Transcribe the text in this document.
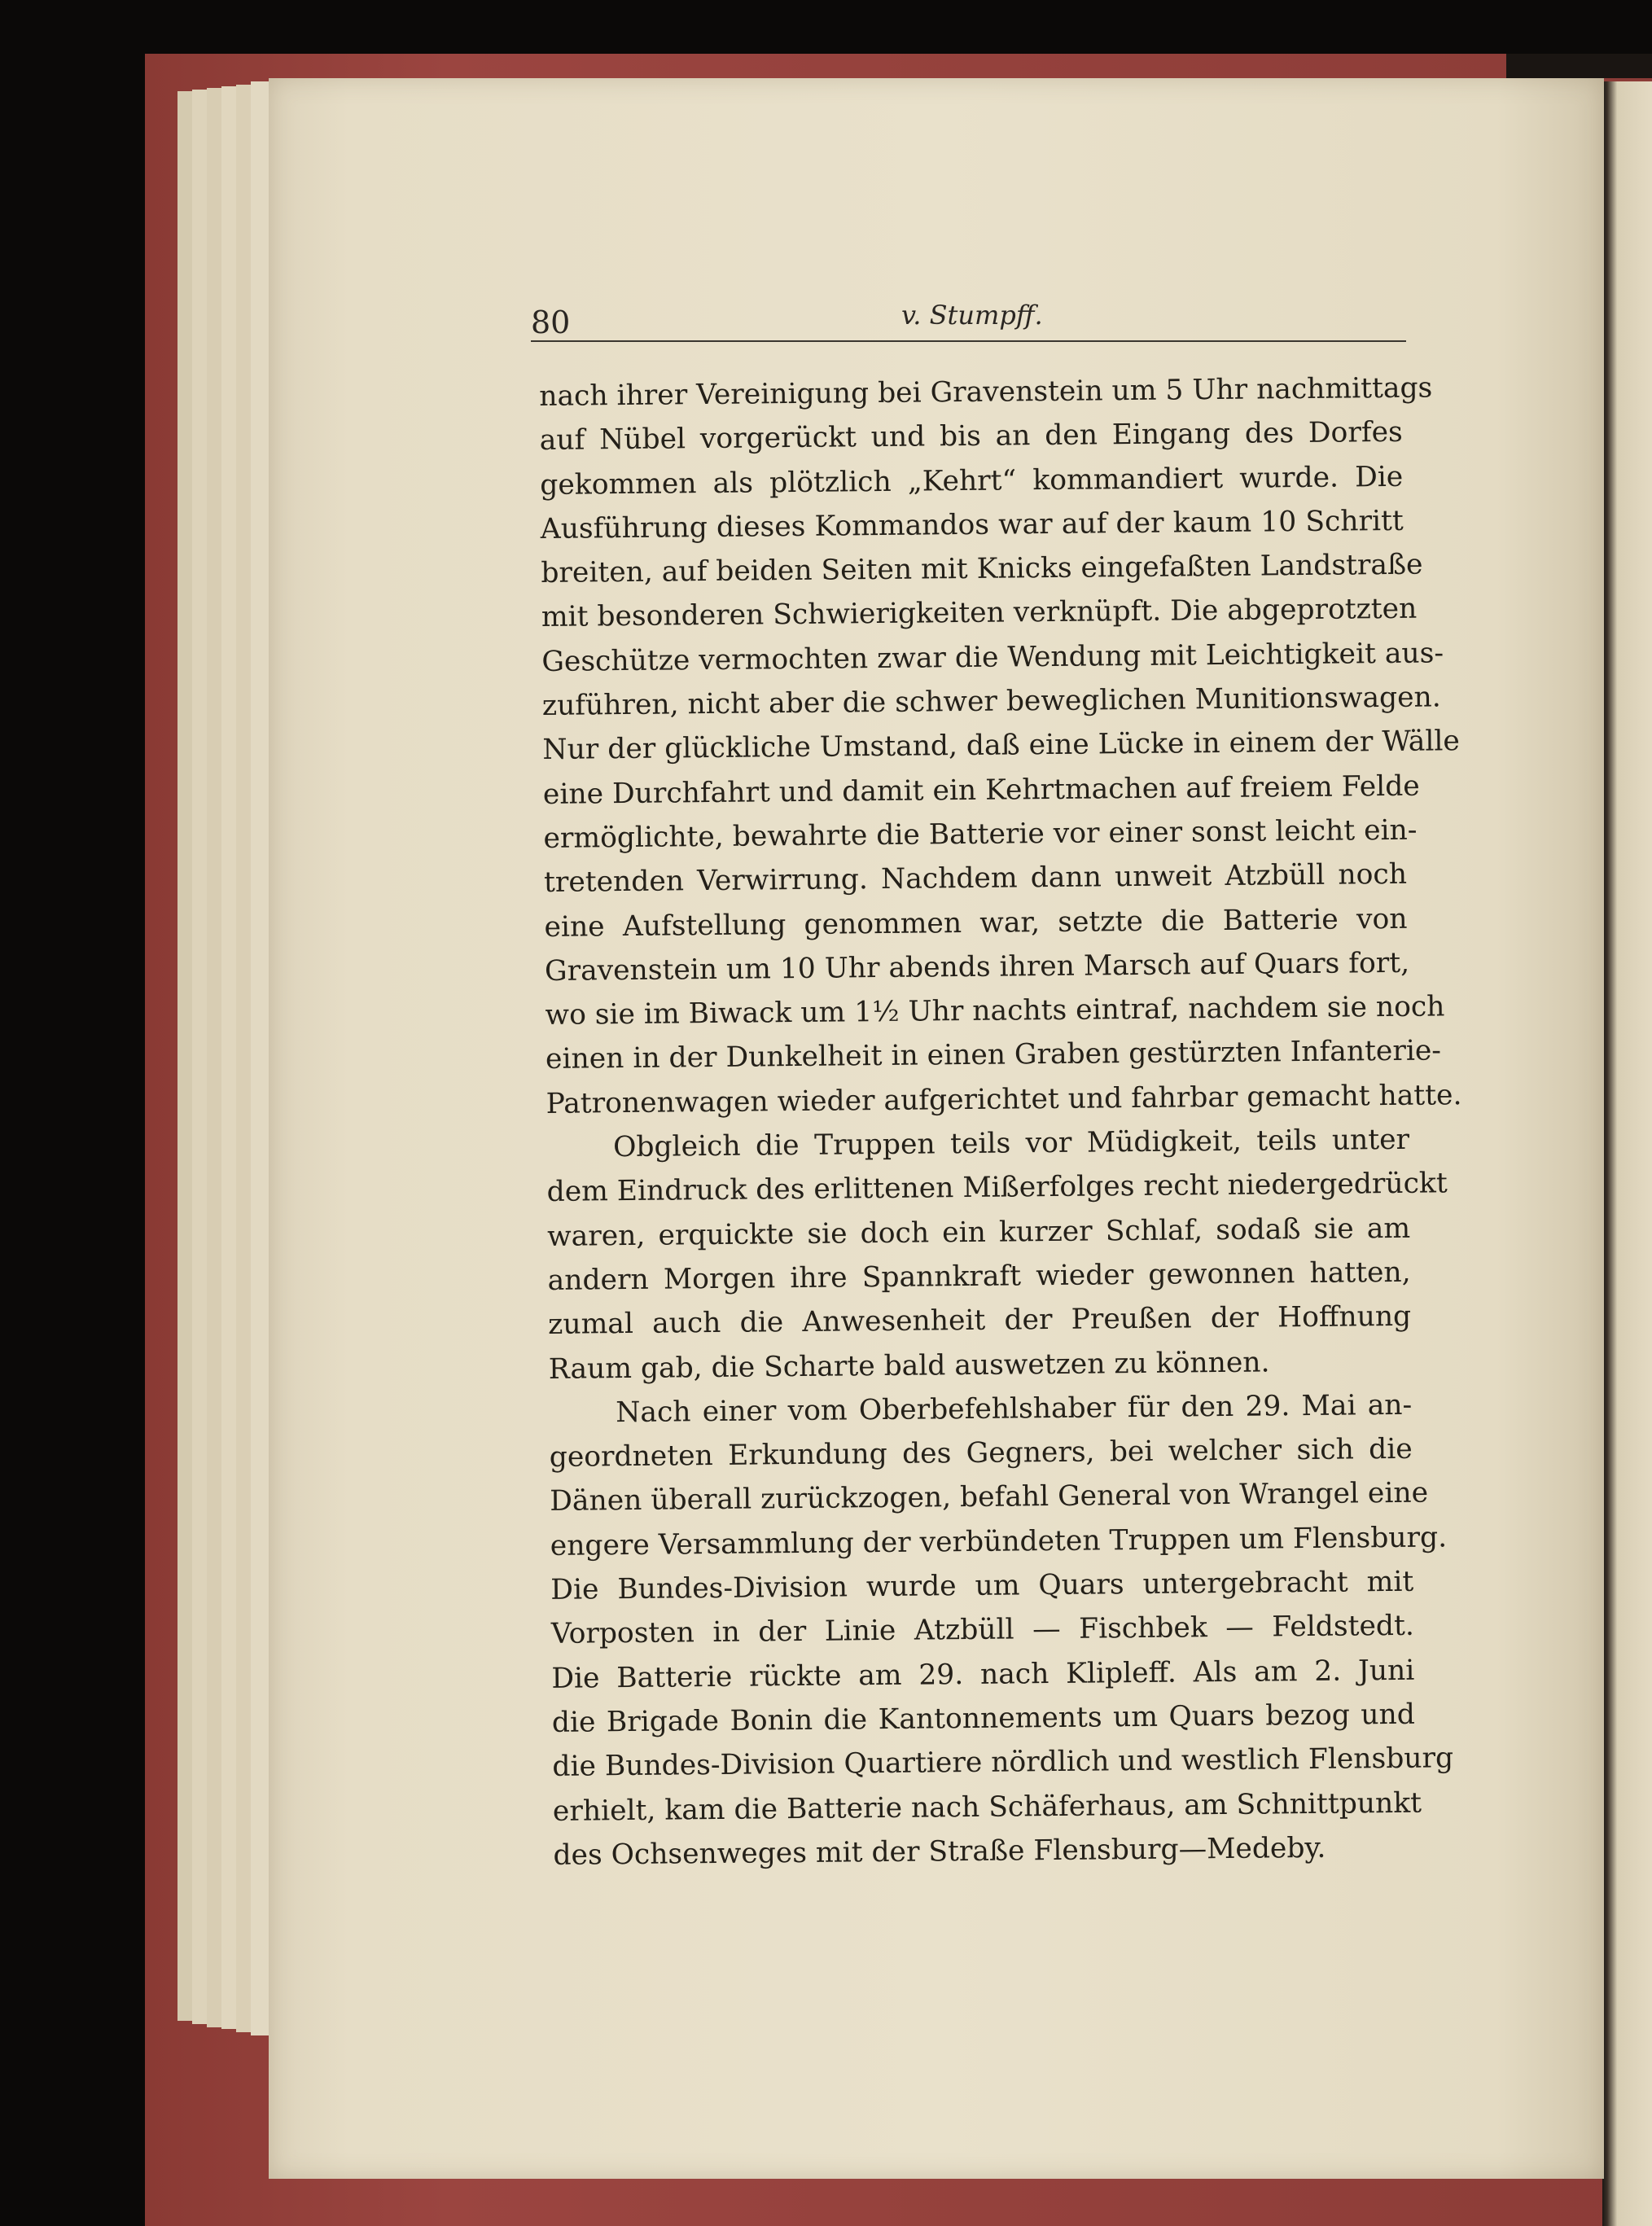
80	v. Stumpff.
nach ihrer Vereinigung bei Gravenstein um 5 Uhr nachmittags
auf Nübel vorgerückt und bis an den Eingang des Dorfes
gekommen als plötzlich „Kehrt“ kommandiert wurde. Die
Ausführung dieses Kommandos war auf der kaum 10 Schritt
breiten, auf beiden Seiten mit Knicks eingefaßten Landstraße
mit besonderen Schwierigkeiten verknüpft. Die abgeprotzten
Geschütze vermochten zwar die Wendung mit Leichtigkeit aus-
zuführen, nicht aber die schwer beweglichen Munitionswagen.
Nur der glückliche Umstand, daß eine Lücke in einem der Wälle
eine Durchfahrt und damit ein Kehrtmachen auf freiem Felde
ermöglichte, bewahrte die Batterie vor einer sonst leicht ein-
tretenden Verwirrung. Nachdem dann unweit Atzbüll noch
eine Aufstellung genommen war, setzte die Batterie von
Gravenstein um 10 Uhr abends ihren Marsch auf Quars fort,
wo sie im Biwack um 1½ Uhr nachts eintraf, nachdem sie noch
einen in der Dunkelheit in einen Graben gestürzten Infanterie-
Patronenwagen wieder aufgerichtet und fahrbar gemacht hatte.
Obgleich die Truppen teils vor Müdigkeit, teils unter
dem Eindruck des erlittenen Mißerfolges recht niedergedrückt
waren, erquickte sie doch ein kurzer Schlaf, sodaß sie am
andern Morgen ihre Spannkraft wieder gewonnen hatten,
zumal auch die Anwesenheit der Preußen der Hoffnung
Raum gab, die Scharte bald auswetzen zu können.
Nach einer vom Oberbefehlshaber für den 29. Mai an-
geordneten Erkundung des Gegners, bei welcher sich die
Dänen überall zurückzogen, befahl General von Wrangel eine
engere Versammlung der verbündeten Truppen um Flensburg.
Die Bundes-Division wurde um Quars untergebracht mit
Vorposten in der Linie Atzbüll — Fischbek — Feldstedt.
Die Batterie rückte am 29. nach Klipleff. Als am 2. Juni
die Brigade Bonin die Kantonnements um Quars bezog und
die Bundes-Division Quartiere nördlich und westlich Flensburg
erhielt, kam die Batterie nach Schäferhaus, am Schnittpunkt
des Ochsenweges mit der Straße Flensburg—Medeby.
